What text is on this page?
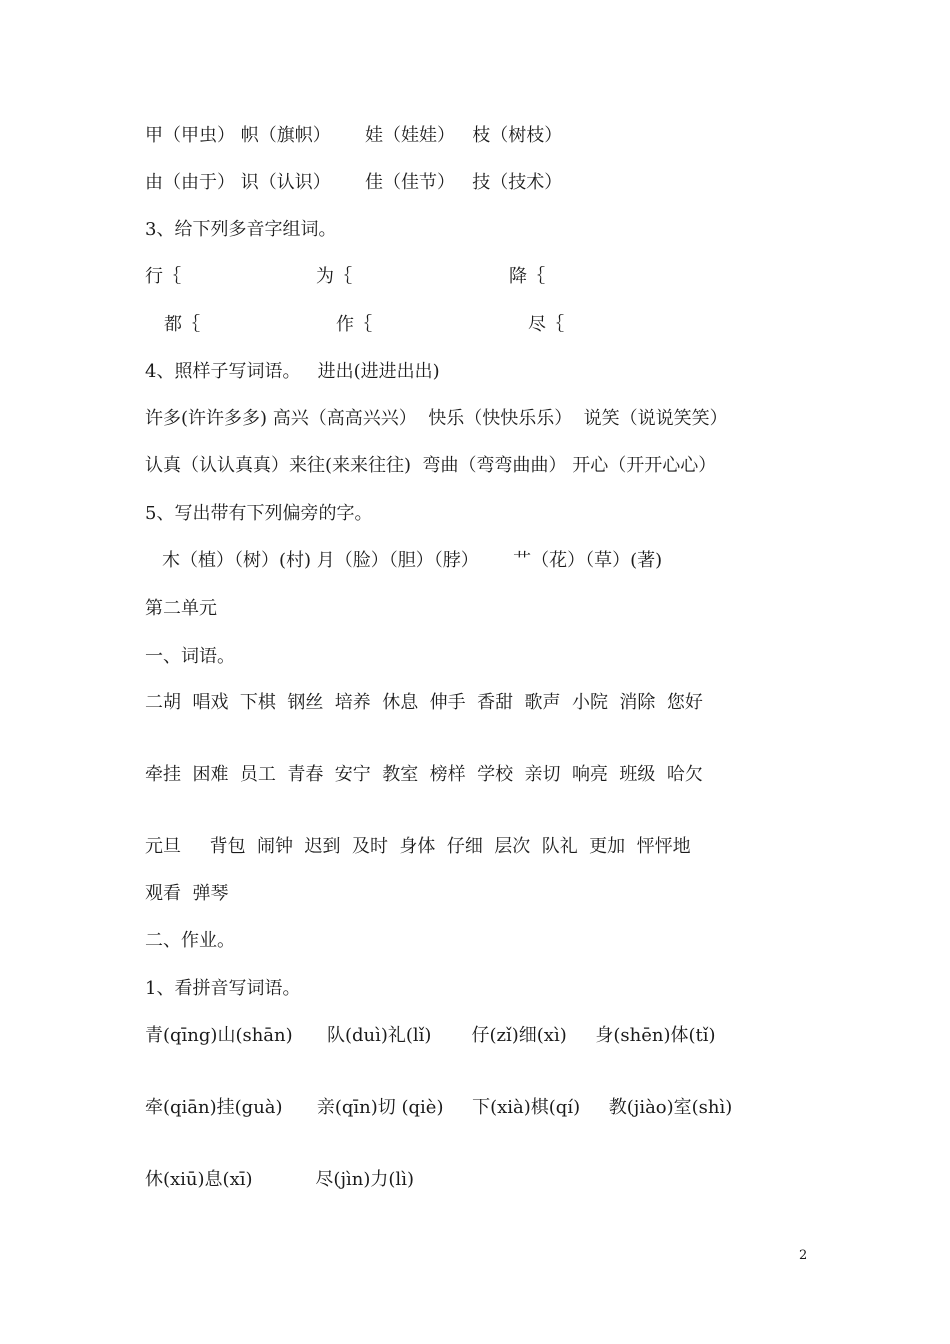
甲（甲虫） 帜（旗帜）      娃（娃娃）   枝（树枝）
由（由于） 识（认识）      佳（佳节）   技（技术）
3、给下列多音字组词。
行｛	为｛	降｛
都｛	作｛	尽｛
4、照样子写词语。   进出(进进出出)
许多(许许多多) 高兴（高高兴兴）  快乐（快快乐乐）  说笑（说说笑笑）
认真（认认真真）来往(来来往往)  弯曲（弯弯曲曲） 开心（开开心心）
5、写出带有下列偏旁的字。
木（植）（树）(村) 月（脸）（胆）（脖）      艹（花）（草）(著)
第二单元
一、词语。
二胡  唱戏  下棋  钢丝  培养  休息  伸手  香甜  歌声  小院  消除  您好
牵挂  困难  员工  青春  安宁  教室  榜样  学校  亲切  响亮  班级  哈欠
元旦     背包  闹钟  迟到  及时  身体  仔细  层次  队礼  更加  怦怦地
观看  弹琴
二、作业。
1、看拼音写词语。
青(qīng)山(shān)      队(duì)礼(lǐ)       仔(zǐ)细(xì)     身(shēn)体(tǐ)
牵(qiān)挂(guà)      亲(qīn)切 (qiè)     下(xià)棋(qí)     教(jiào)室(shì)
休(xiū)息(xī)           尽(jìn)力(lì)
2
